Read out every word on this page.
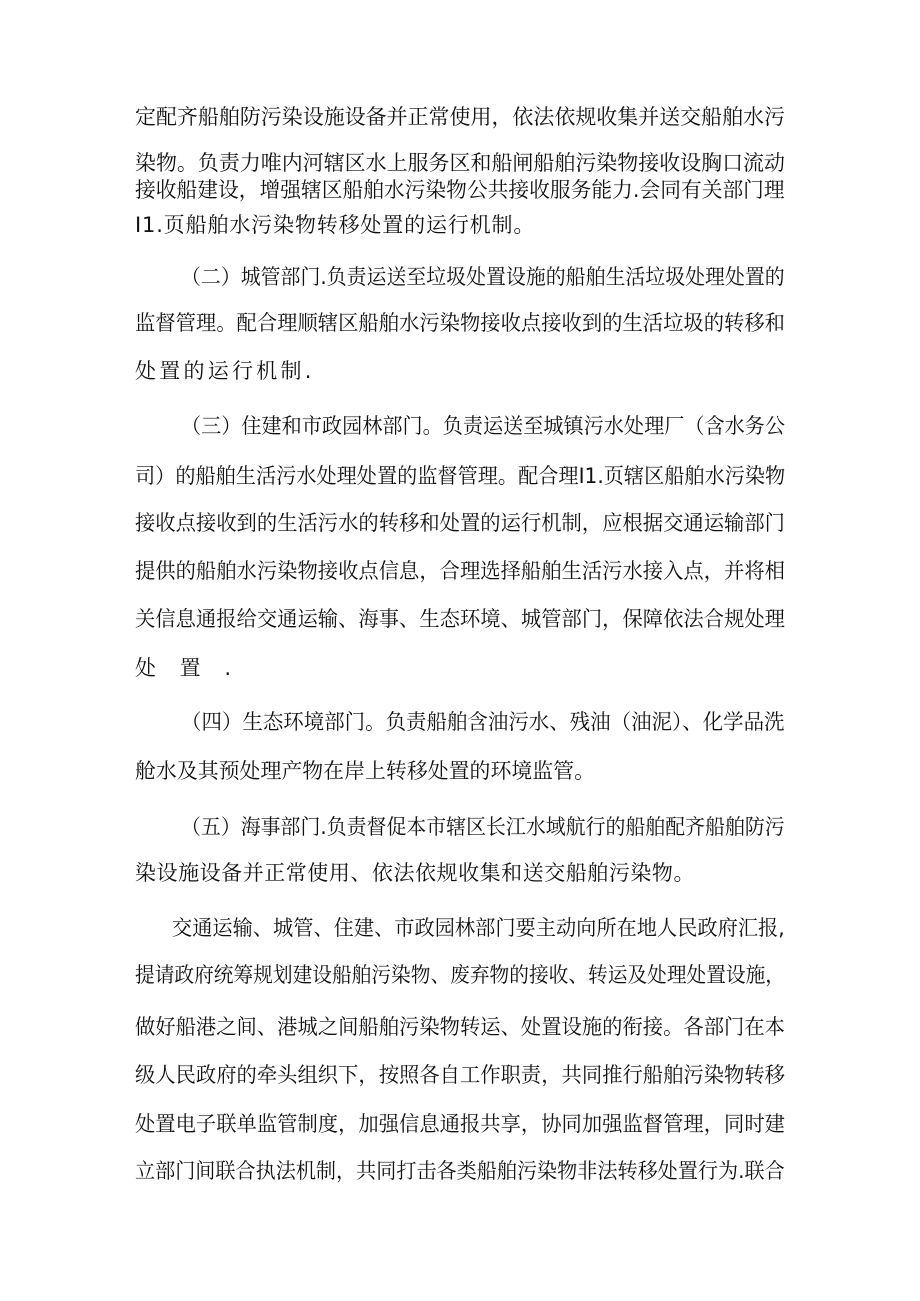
定配齐船舶防污染设施设备并正常使用，依法依规收集并送交船舶水污
染物。负责力唯内河辖区水上服务区和船闸船舶污染物接收设胸口流动
接收船建设，增强辖区船舶水污染物公共接收服务能力.会同有关部门理
I1.页船舶水污染物转移处置的运行机制。
（二）城管部门.负责运送至垃圾处置设施的船舶生活垃圾处理处置的
监督管理。配合理顺辖区船舶水污染物接收点接收到的生活垃圾的转移和
处置的运行机制.
（三）住建和市政园林部门。负责运送至城镇污水处理厂（含水务公
司）的船舶生活污水处理处置的监督管理。配合理I1.页辖区船舶水污染物
接收点接收到的生活污水的转移和处置的运行机制，应根据交通运输部门
提供的船舶水污染物接收点信息，合理选择船舶生活污水接入点，并将相
关信息通报给交通运输、海事、生态环境、城管部门，保障依法合规处理
处置.
（四）生态环境部门。负责船舶含油污水、残油（油泥）、化学品洗
舱水及其预处理产物在岸上转移处置的环境监管。
（五）海事部门.负责督促本市辖区长江水域航行的船舶配齐船舶防污
染设施设备并正常使用、依法依规收集和送交船舶污染物。
交通运输、城管、住建、市政园林部门要主动向所在地人民政府汇报,
提请政府统筹规划建设船舶污染物、废弃物的接收、转运及处理处置设施，
做好船港之间、港城之间船舶污染物转运、处置设施的衔接。各部门在本
级人民政府的牵头组织下，按照各自工作职责，共同推行船舶污染物转移
处置电子联单监管制度，加强信息通报共享，协同加强监督管理，同时建
立部门间联合执法机制，共同打击各类船舶污染物非法转移处置行为.联合
